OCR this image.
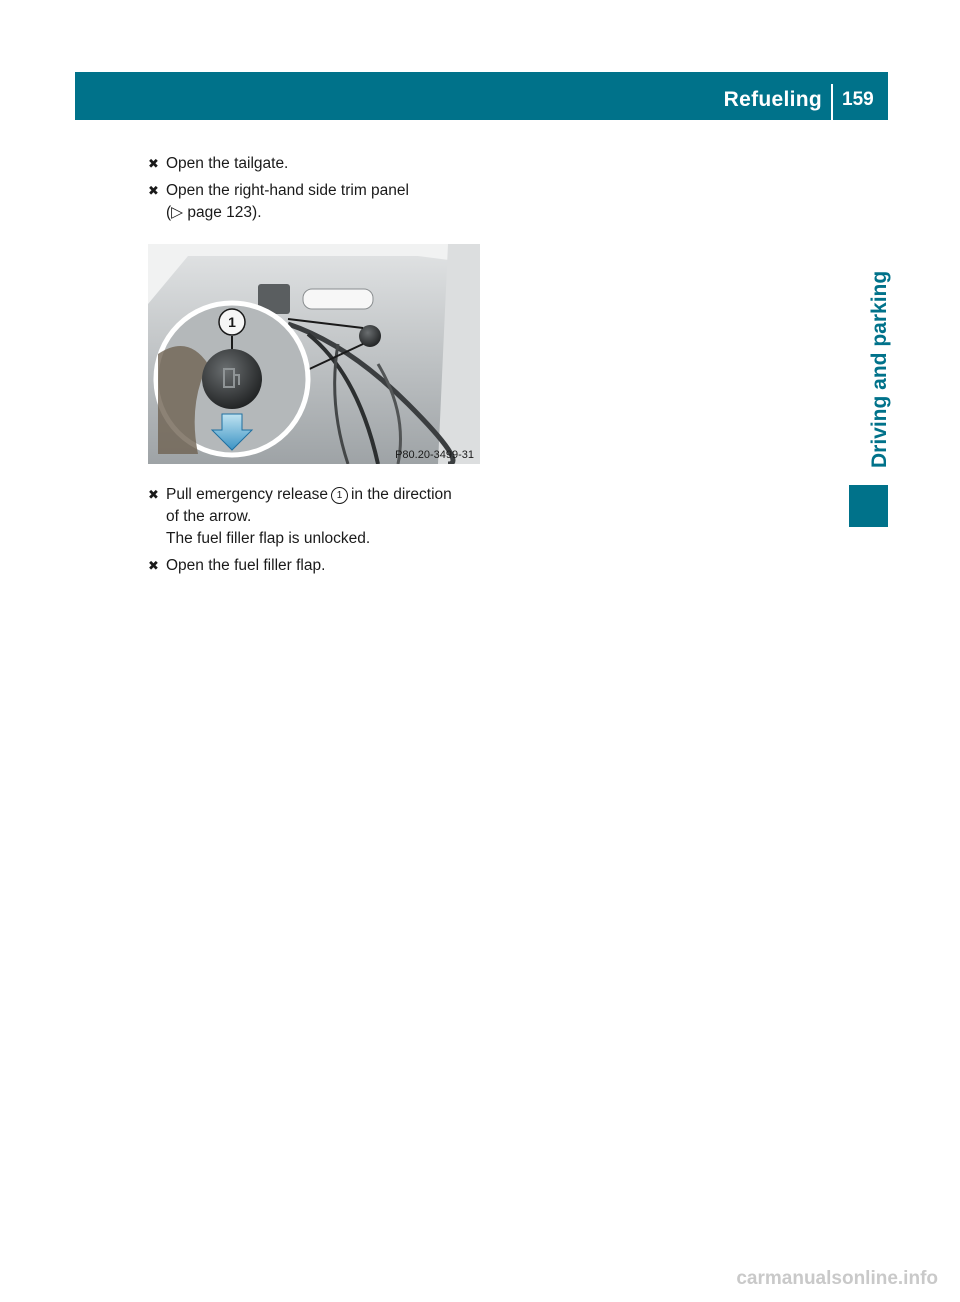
Refueling 159
Driving and parking
✖ Open the tailgate.
✖ Open the right-hand side trim panel
(▷ page 123).
1
P80.20-3499-31
✖ Pull emergency release 1 in the direction
of the arrow.
The fuel filler flap is unlocked.
✖ Open the fuel filler flap.
carmanualsonline.info
